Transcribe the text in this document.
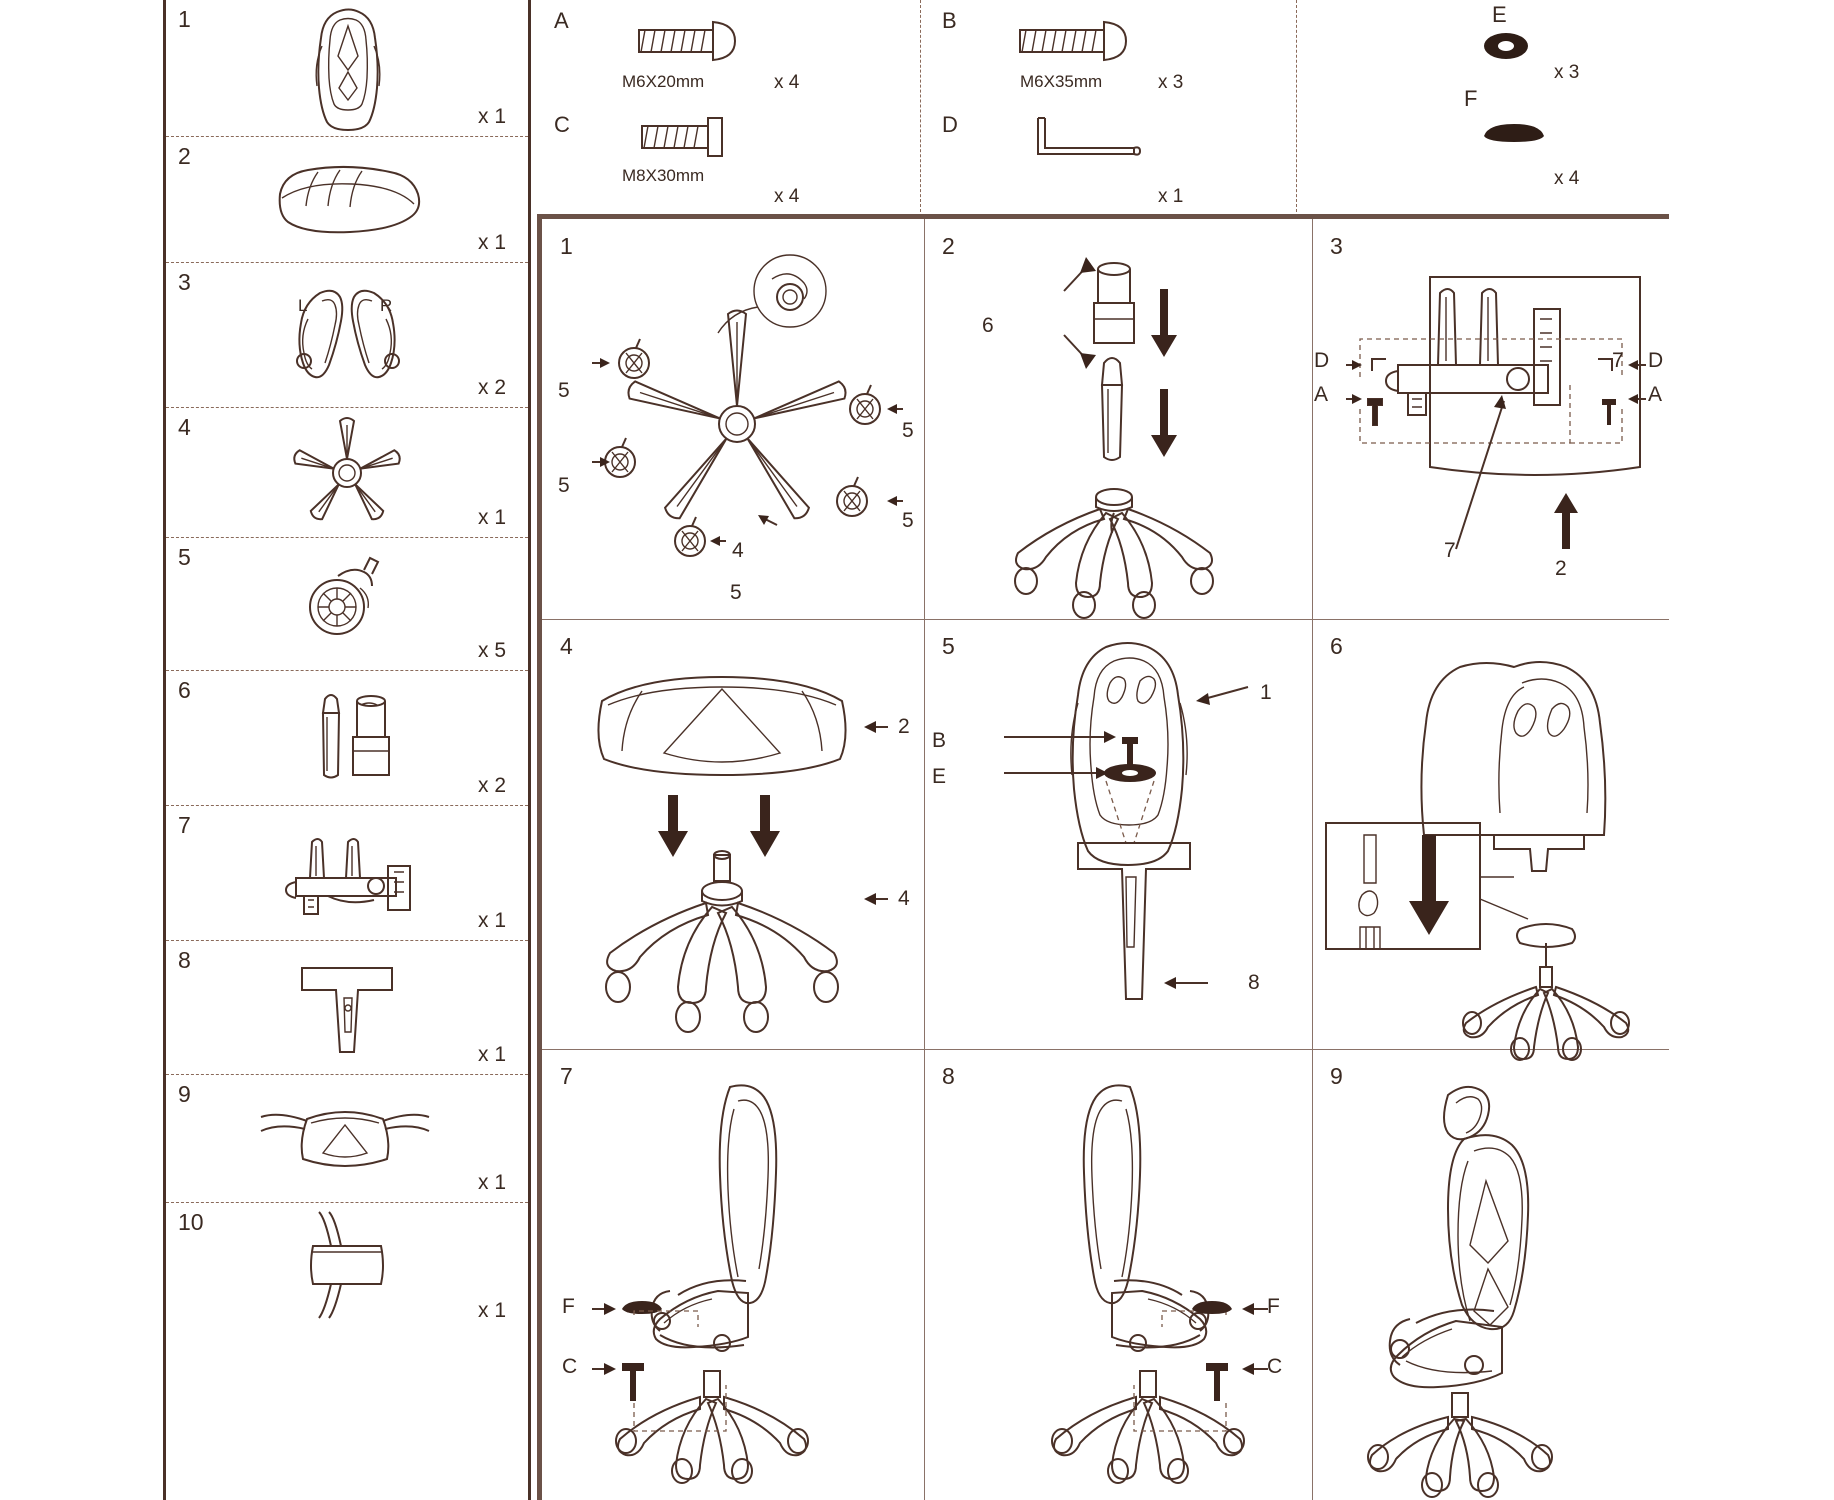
1
x 1
2
x 1
3
L	R
x 2
4
x 1
5
x 5
6
x 2
7
x 1
8
x 1
9
x 1
10
x 1
A
M6X20mm	x 4
C
M8X30mm
x 4
B
M6X35mm	x 3
D
x 1
E
x 3
F
x 4
1
5
5
5
4
5
5
2
6
3
D
A
7 D
A
7
2
4
2
4
5
B
E
1
8
6
7
F
C
8
F
C
9
